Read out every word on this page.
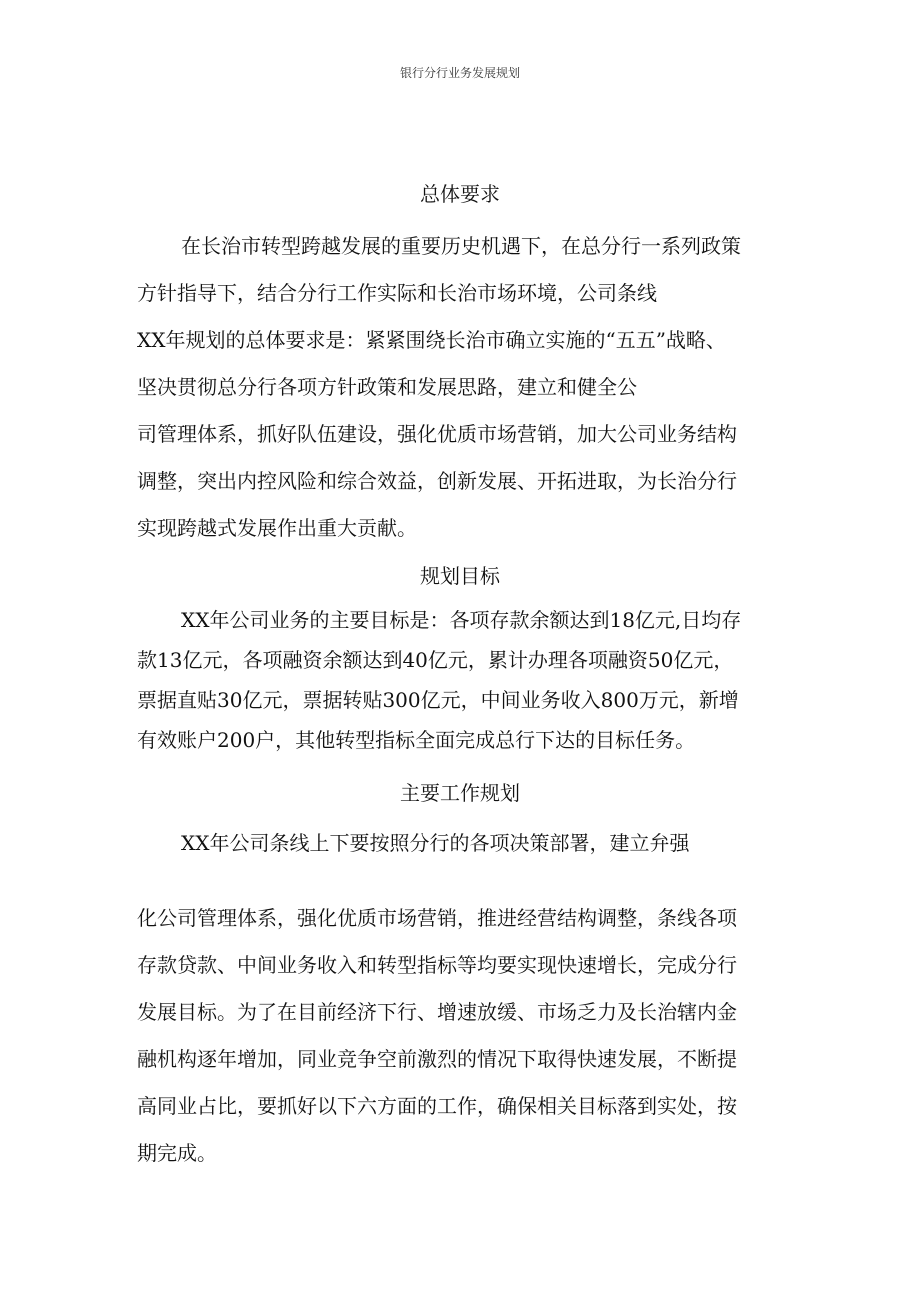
银行分行业务发展规划
总体要求
在长治市转型跨越发展的重要历史机遇下，在总分行一系列政策
方针指导下，结合分行工作实际和长治市场环境，公司条线
XX年规划的总体要求是：紧紧围绕长治市确立实施的“五五”战略、
坚决贯彻总分行各项方针政策和发展思路，建立和健全公
司管理体系，抓好队伍建设，强化优质市场营销，加大公司业务结构
调整，突出内控风险和综合效益，创新发展、开拓进取，为长治分行
实现跨越式发展作出重大贡献。
规划目标
XX年公司业务的主要目标是：各项存款余额达到18亿元,日均存
款13亿元，各项融资余额达到40亿元，累计办理各项融资50亿元，
票据直贴30亿元，票据转贴300亿元，中间业务收入800万元，新增
有效账户200户，其他转型指标全面完成总行下达的目标任务。
主要工作规划
XX年公司条线上下要按照分行的各项决策部署，建立弁强
化公司管理体系，强化优质市场营销，推进经营结构调整，条线各项
存款贷款、中间业务收入和转型指标等均要实现快速增长，完成分行
发展目标。为了在目前经济下行、增速放缓、市场乏力及长治辖内金
融机构逐年增加，同业竞争空前激烈的情况下取得快速发展，不断提
高同业占比，要抓好以下六方面的工作，确保相关目标落到实处，按
期完成。
